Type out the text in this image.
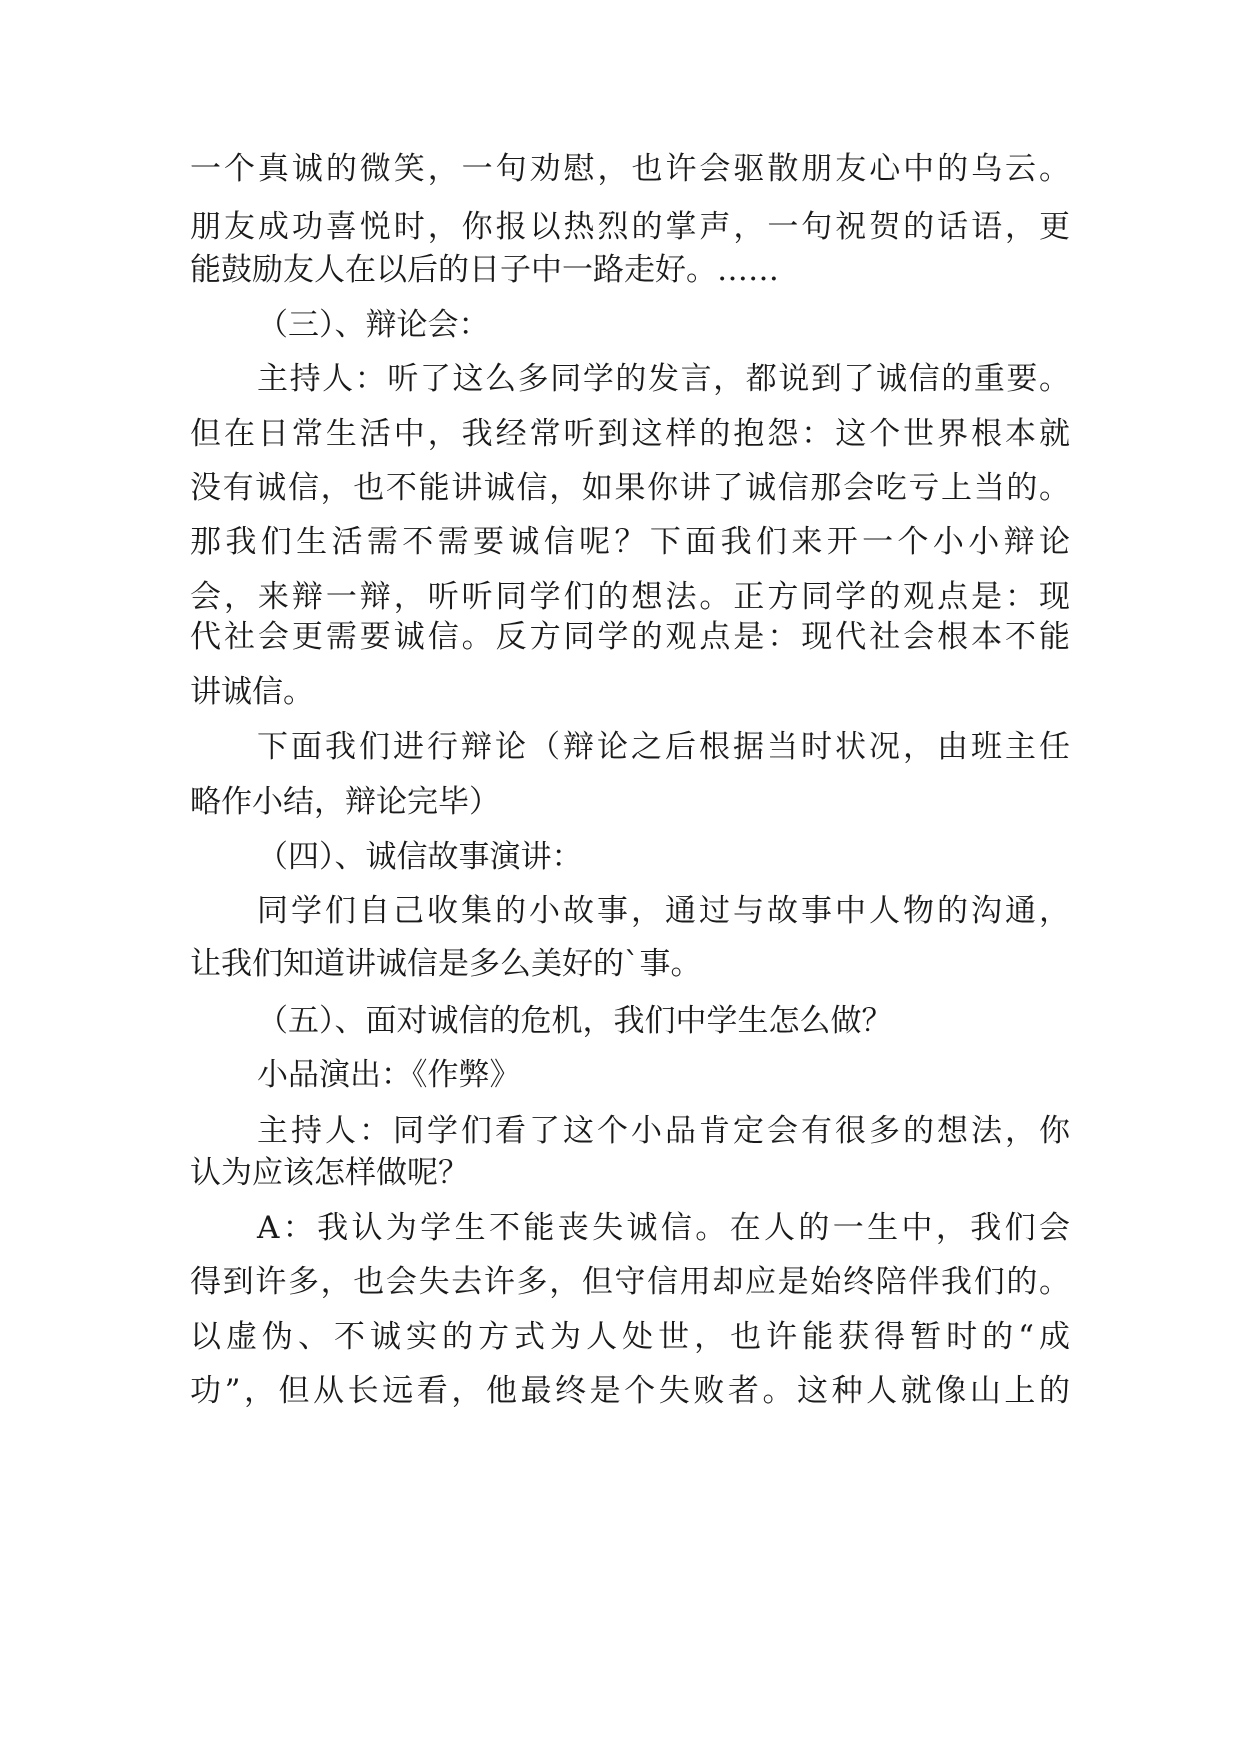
一个真诚的微笑，一句劝慰，也许会驱散朋友心中的乌云。
朋友成功喜悦时，你报以热烈的掌声，一句祝贺的话语，更
能鼓励友人在以后的日子中一路走好。……
（三）、辩论会：
主持人：听了这么多同学的发言，都说到了诚信的重要。
但在日常生活中，我经常听到这样的抱怨：这个世界根本就
没有诚信，也不能讲诚信，如果你讲了诚信那会吃亏上当的。
那我们生活需不需要诚信呢？下面我们来开一个小小辩论
会，来辩一辩，听听同学们的想法。正方同学的观点是：现
代社会更需要诚信。反方同学的观点是：现代社会根本不能
讲诚信。
下面我们进行辩论（辩论之后根据当时状况，由班主任
略作小结，辩论完毕）
（四）、诚信故事演讲：
同学们自己收集的小故事，通过与故事中人物的沟通，
让我们知道讲诚信是多么美好的`事。
（五）、面对诚信的危机，我们中学生怎么做？
小品演出：《作弊》
主持人：同学们看了这个小品肯定会有很多的想法，你
认为应该怎样做呢？
A：我认为学生不能丧失诚信。在人的一生中，我们会
得到许多，也会失去许多，但守信用却应是始终陪伴我们的。
以虚伪、不诚实的方式为人处世，也许能获得暂时的“成
功”，但从长远看，他最终是个失败者。这种人就像山上的
